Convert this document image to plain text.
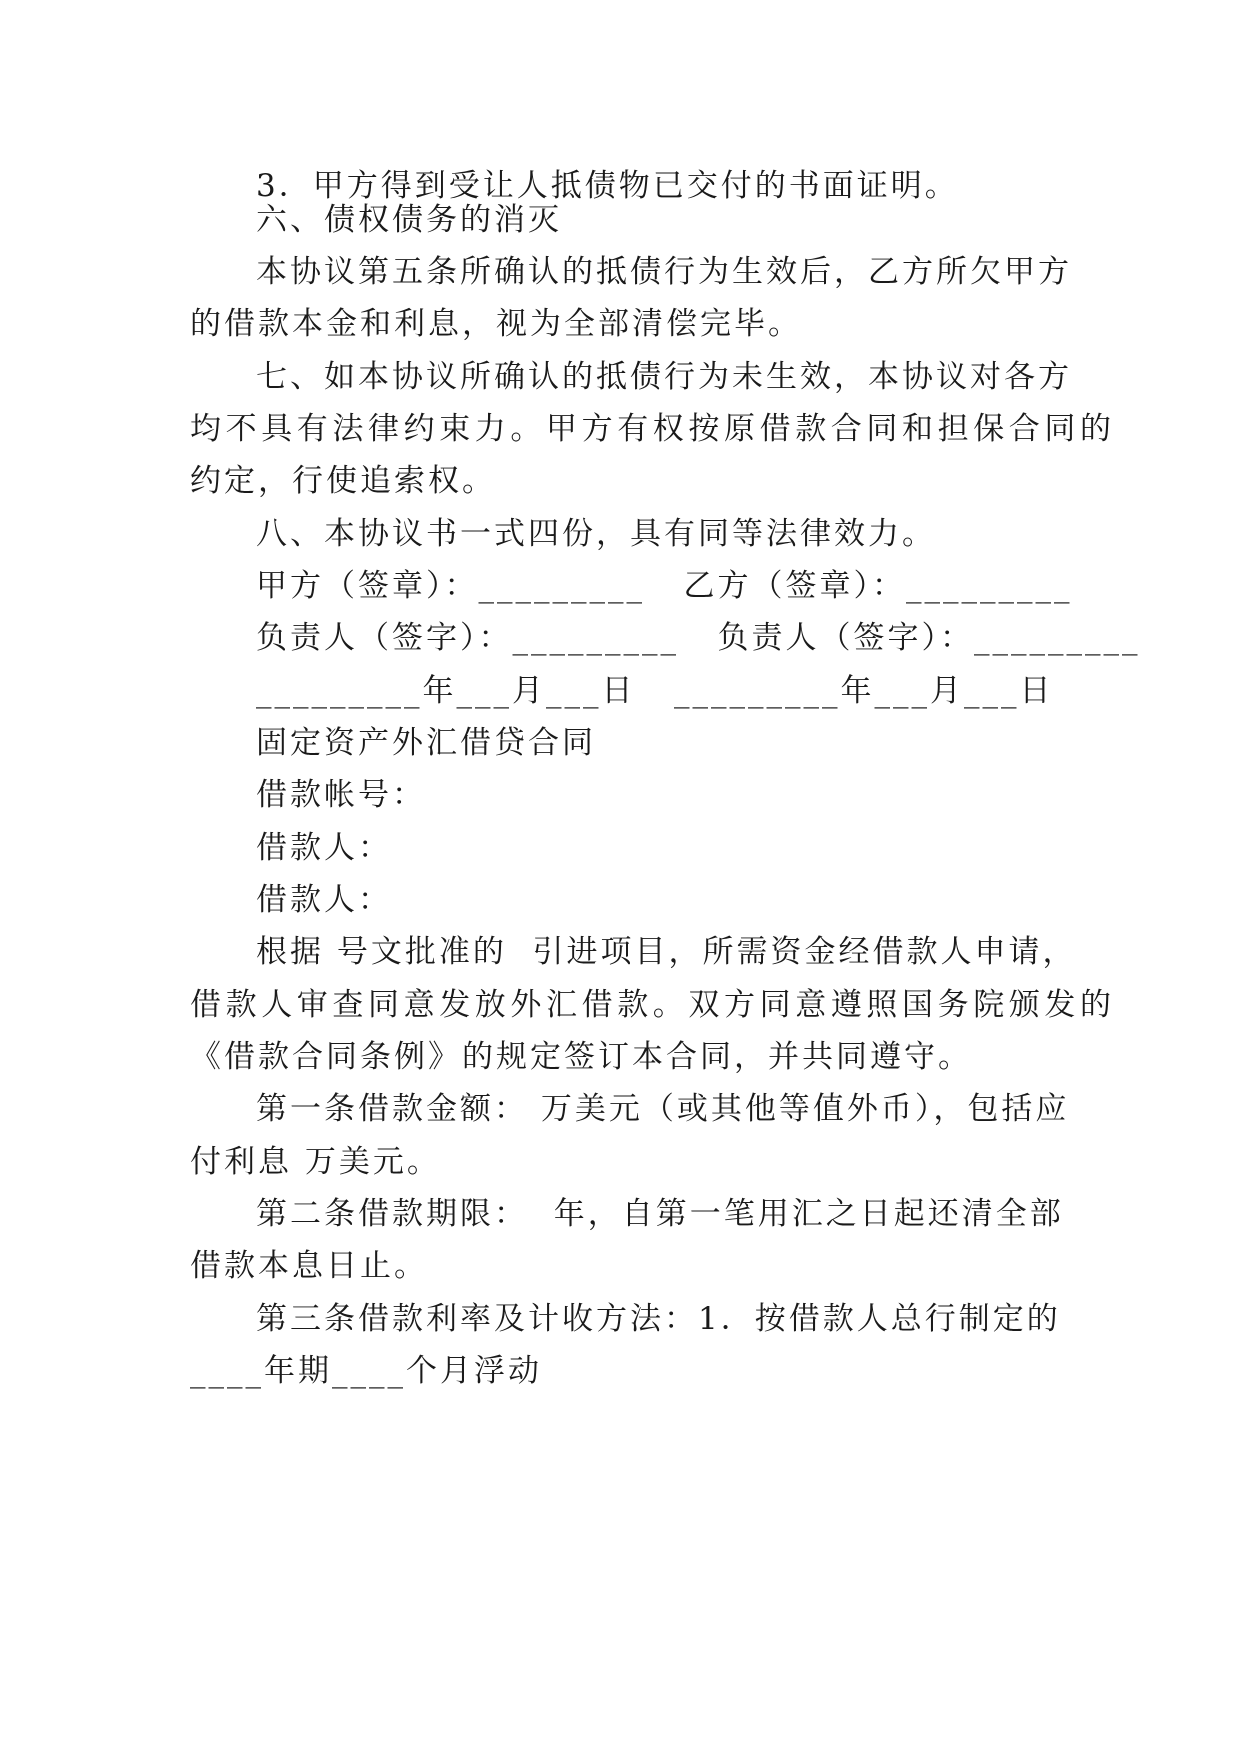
3．甲方得到受让人抵债物已交付的书面证明。
六、债权债务的消灭
本协议第五条所确认的抵债行为生效后，乙方所欠甲方
的借款本金和利息，视为全部清偿完毕。
七、如本协议所确认的抵债行为未生效，本协议对各方
均不具有法律约束力。甲方有权按原借款合同和担保合同的
约定，行使追索权。
八、本协议书一式四份，具有同等法律效力。
甲方（签章）：_________   乙方（签章）：_________
负责人（签字）：_________   负责人（签字）：_________
_________年___月___日   _________年___月___日
固定资产外汇借贷合同
借款帐号：
借款人：
借款人：
根据 号文批准的  引进项目，所需资金经借款人申请，
借款人审查同意发放外汇借款。双方同意遵照国务院颁发的
《借款合同条例》的规定签订本合同，并共同遵守。
第一条借款金额： 万美元（或其他等值外币），包括应
付利息 万美元。
第二条借款期限：  年，自第一笔用汇之日起还清全部
借款本息日止。
第三条借款利率及计收方法：1．按借款人总行制定的
____年期____个月浮动
